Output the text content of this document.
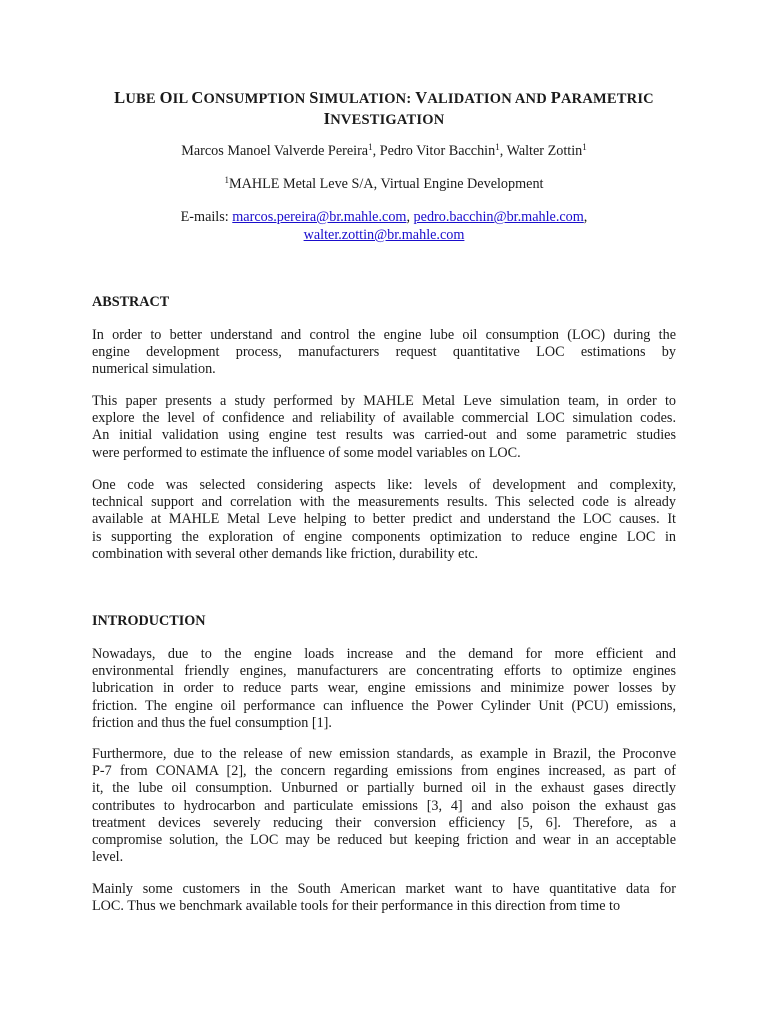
LUBE OIL CONSUMPTION SIMULATION: VALIDATION AND PARAMETRIC
INVESTIGATION
Marcos Manoel Valverde Pereira$^1$, Pedro Vitor Bacchin$^1$, Walter Zottin$^1$
$^1$MAHLE Metal Leve S/A, Virtual Engine Development
E-mails: marcos.pereira@br.mahle.com, pedro.bacchin@br.mahle.com,
walter.zottin@br.mahle.com
ABSTRACT
In order to better understand and control the engine lube oil consumption (LOC) during the
engine development process, manufacturers request quantitative LOC estimations by
numerical simulation.
This paper presents a study performed by MAHLE Metal Leve simulation team, in order to
explore the level of confidence and reliability of available commercial LOC simulation codes.
An initial validation using engine test results was carried-out and some parametric studies
were performed to estimate the influence of some model variables on LOC.
One code was selected considering aspects like: levels of development and complexity,
technical support and correlation with the measurements results. This selected code is already
available at MAHLE Metal Leve helping to better predict and understand the LOC causes. It
is supporting the exploration of engine components optimization to reduce engine LOC in
combination with several other demands like friction, durability etc.
INTRODUCTION
Nowadays, due to the engine loads increase and the demand for more efficient and
environmental friendly engines, manufacturers are concentrating efforts to optimize engines
lubrication in order to reduce parts wear, engine emissions and minimize power losses by
friction. The engine oil performance can influence the Power Cylinder Unit (PCU) emissions,
friction and thus the fuel consumption [1].
Furthermore, due to the release of new emission standards, as example in Brazil, the Proconve
P-7 from CONAMA [2], the concern regarding emissions from engines increased, as part of
it, the lube oil consumption. Unburned or partially burned oil in the exhaust gases directly
contributes to hydrocarbon and particulate emissions [3, 4] and also poison the exhaust gas
treatment devices severely reducing their conversion efficiency [5, 6]. Therefore, as a
compromise solution, the LOC may be reduced but keeping friction and wear in an acceptable
level.
Mainly some customers in the South American market want to have quantitative data for
LOC. Thus we benchmark available tools for their performance in this direction from time to
